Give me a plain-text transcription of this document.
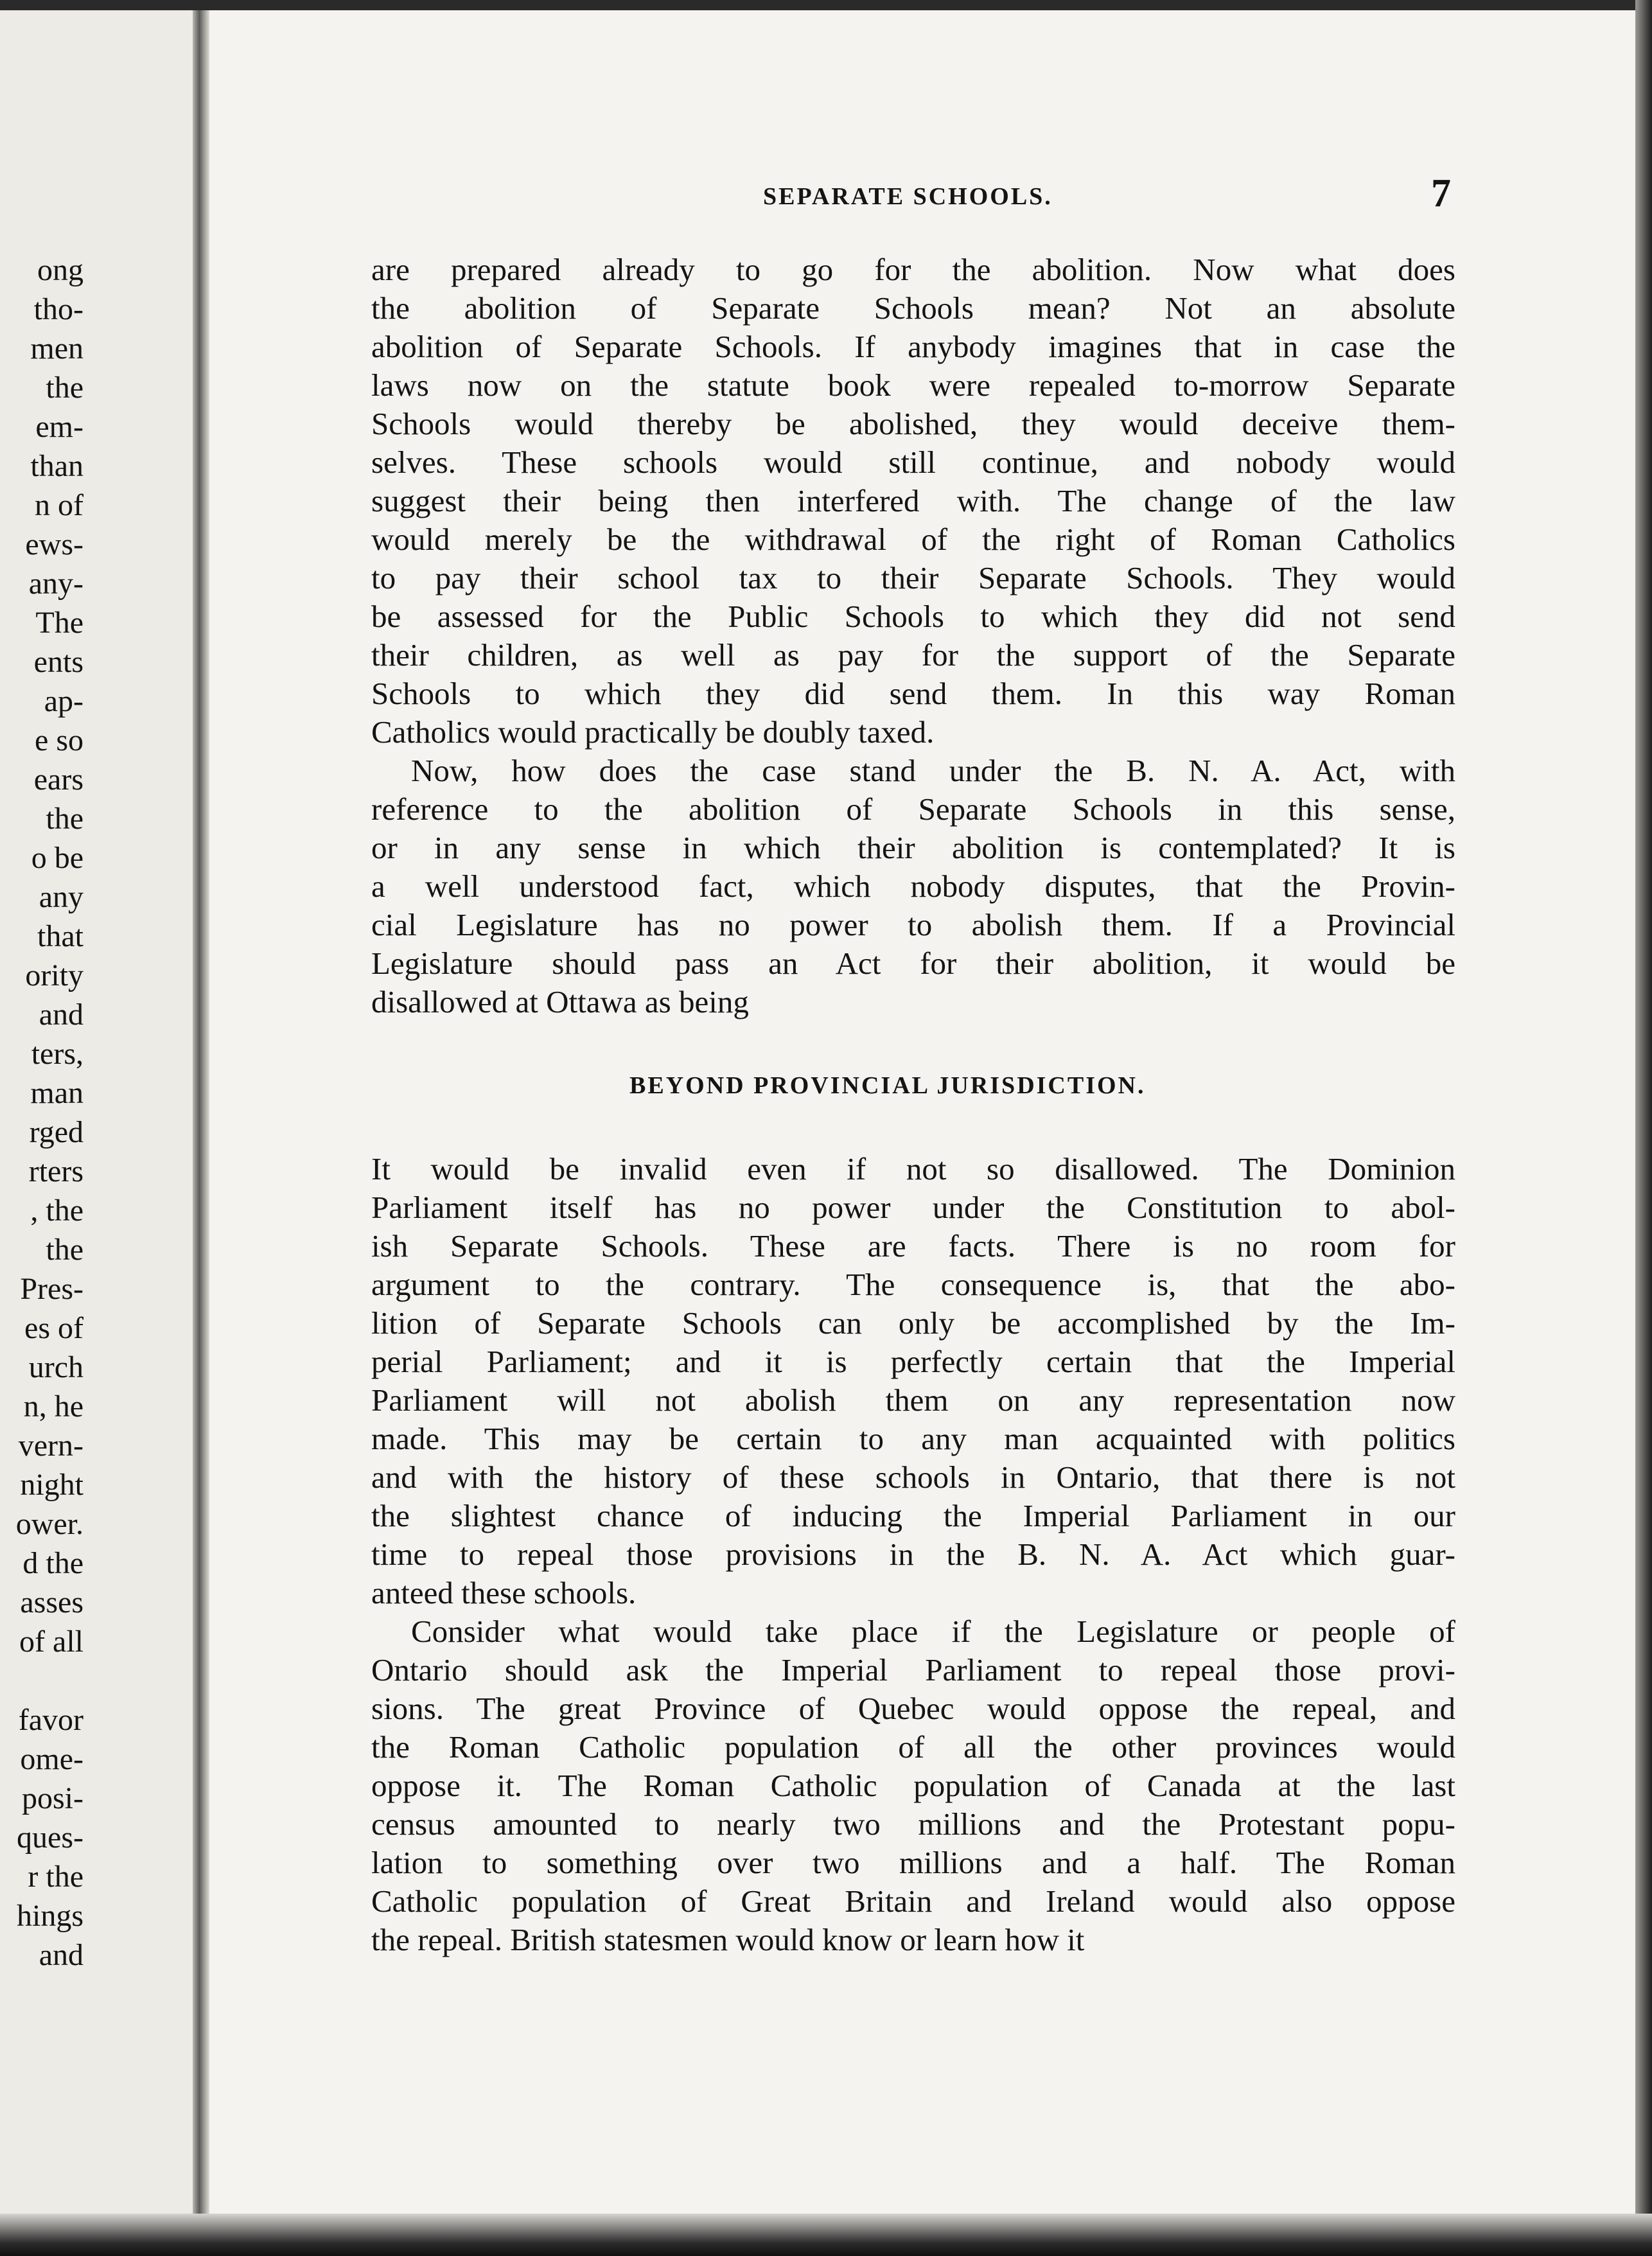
ong
tho-
men
the
em-
than
n of
ews-
any-
The
ents
ap-
e so
ears
the
o be
any
that
ority
and
ters,
man
rged
rters
, the
the
Pres-
es of
urch
n, he
vern-
night
ower.
d the
asses
of all
favor
ome-
posi-
ques-
r the
hings
and
SEPARATE SCHOOLS.	7

are prepared already to go for the abolition. Now what does
the abolition of Separate Schools mean? Not an absolute
abolition of Separate Schools. If anybody imagines that in case the
laws now on the statute book were repealed to-morrow Separate
Schools would thereby be abolished, they would deceive them-
selves. These schools would still continue, and nobody would
suggest their being then interfered with. The change of the law
would merely be the withdrawal of the right of Roman Catholics
to pay their school tax to their Separate Schools. They would
be assessed for the Public Schools to which they did not send
their children, as well as pay for the support of the Separate
Schools to which they did send them. In this way Roman
Catholics would practically be doubly taxed.

Now, how does the case stand under the B. N. A. Act, with
reference to the abolition of Separate Schools in this sense,
or in any sense in which their abolition is contemplated? It is
a well understood fact, which nobody disputes, that the Provin-
cial Legislature has no power to abolish them. If a Provincial
Legislature should pass an Act for their abolition, it would be
disallowed at Ottawa as being

BEYOND PROVINCIAL JURISDICTION.

It would be invalid even if not so disallowed. The Dominion
Parliament itself has no power under the Constitution to abol-
ish Separate Schools. These are facts. There is no room for
argument to the contrary. The consequence is, that the abo-
lition of Separate Schools can only be accomplished by the Im-
perial Parliament; and it is perfectly certain that the Imperial
Parliament will not abolish them on any representation now
made. This may be certain to any man acquainted with politics
and with the history of these schools in Ontario, that there is not
the slightest chance of inducing the Imperial Parliament in our
time to repeal those provisions in the B. N. A. Act which guar-
anteed these schools.

Consider what would take place if the Legislature or people of
Ontario should ask the Imperial Parliament to repeal those provi-
sions. The great Province of Quebec would oppose the repeal, and
the Roman Catholic population of all the other provinces would
oppose it. The Roman Catholic population of Canada at the last
census amounted to nearly two millions and the Protestant popu-
lation to something over two millions and a half. The Roman
Catholic population of Great Britain and Ireland would also oppose
the repeal. British statesmen would know or learn how it
